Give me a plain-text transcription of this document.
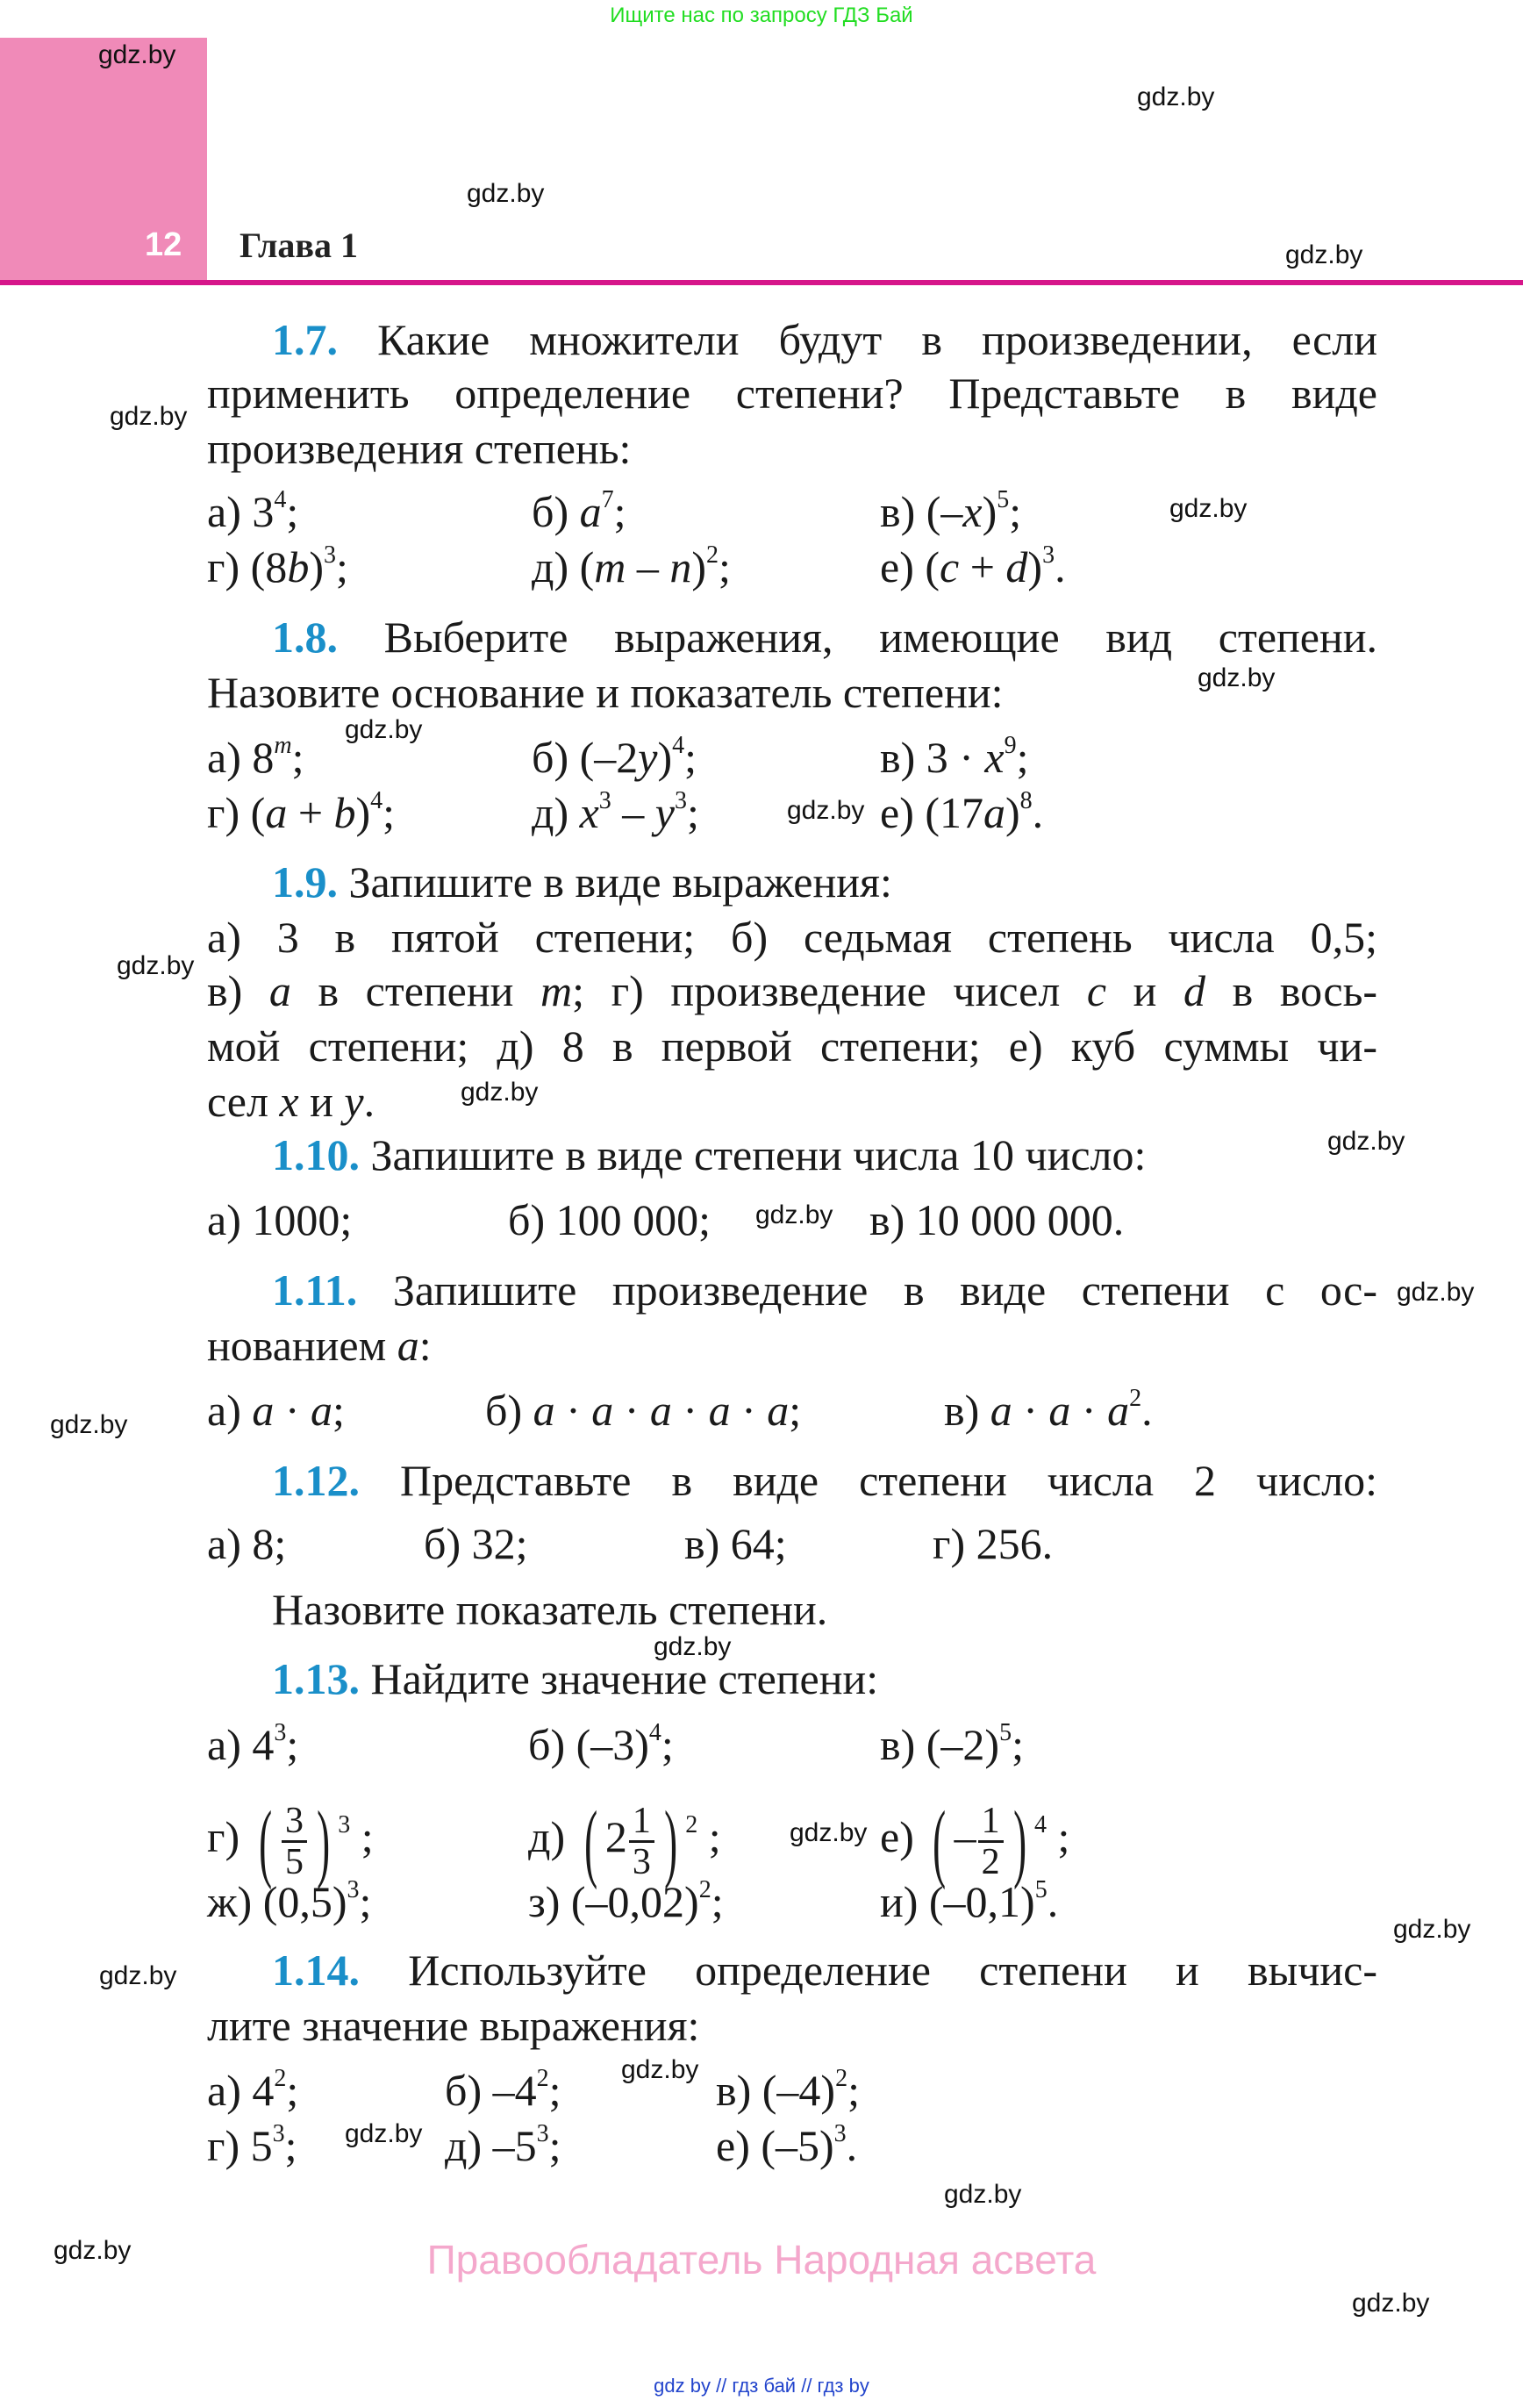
Ищите нас по запросу ГДЗ Бай
12 Глава 1
gdz.by
gdz.by
gdz.by
gdz.by
gdz.by
gdz.by
gdz.by
gdz.by
gdz.by
gdz.by
gdz.by
gdz.by
gdz.by
gdz.by
gdz.by
gdz.by
gdz.by
gdz.by
gdz.by
gdz.by
gdz.by
gdz.by
gdz.by
gdz.by
1.7. Какие множители будут в произведении, если
применить определение степени? Представьте в виде
произведения степень:
а) $3^4$;	б) $a^7$;	в) $(-x)^5$;
г) $(8b)^3$;	д) (m – n)$^2$;	е) $(c + d)^3$.
1.8. Выберите выражения, имеющие вид степени.
Назовите основание и показатель степени:
а) 8$^m$;	б) $(-2y)^4$;	в) $3 \cdot x^9$;
г) $(a + b)^4$;	д) $x^3 - y^3$;	е) $(17a)^8$.
1.9. Запишите в виде выражения:
а) 3 в пятой степени; б) седьмая степень числа 0,5;
в) a в степени m; г) произведение чисел c и d в вось-
мой степени; д) 8 в первой степени; е) куб суммы чи-
сел x и y.
1.10. Запишите в виде степени числа 10 число:
а) 1000;	б) 100 000;	в) 10 000 000.
1.11. Запишите произведение в виде степени с ос-
нованием a:
а) a · a;	б) a · a · a · a · a;	в) $a \cdot a \cdot a^2$.
1.12. Представьте в виде степени числа 2 число:
а) 8;	б) 32;	в) 64;	г) 256.
Назовите показатель степени.
1.13. Найдите значение степени:
а) $4^3$;	б) $(-3)^4$;	в) $(-2)^5$;
г) ( $\frac{3}{5}$ ) $^3$ ;	д) ( $2 \frac{1}{3}$ ) $^2$ ;	е) ( – $\frac{1}{2}$ ) $^4$ ;
ж) $(0,5)^3$;	з) $(-0,02)^2$;	и) $(-0,1)^5$.
1.14. Используйте определение степени и вычис-
лите значение выражения:
а) $4^2$;	б) $-4^2$;	в) $(-4)^2$;
г) $5^3$;	д) $-5^3$;	е) $(-5)^3$.
Правообладатель Народная асвета
gdz by // гдз бай // гдз by
